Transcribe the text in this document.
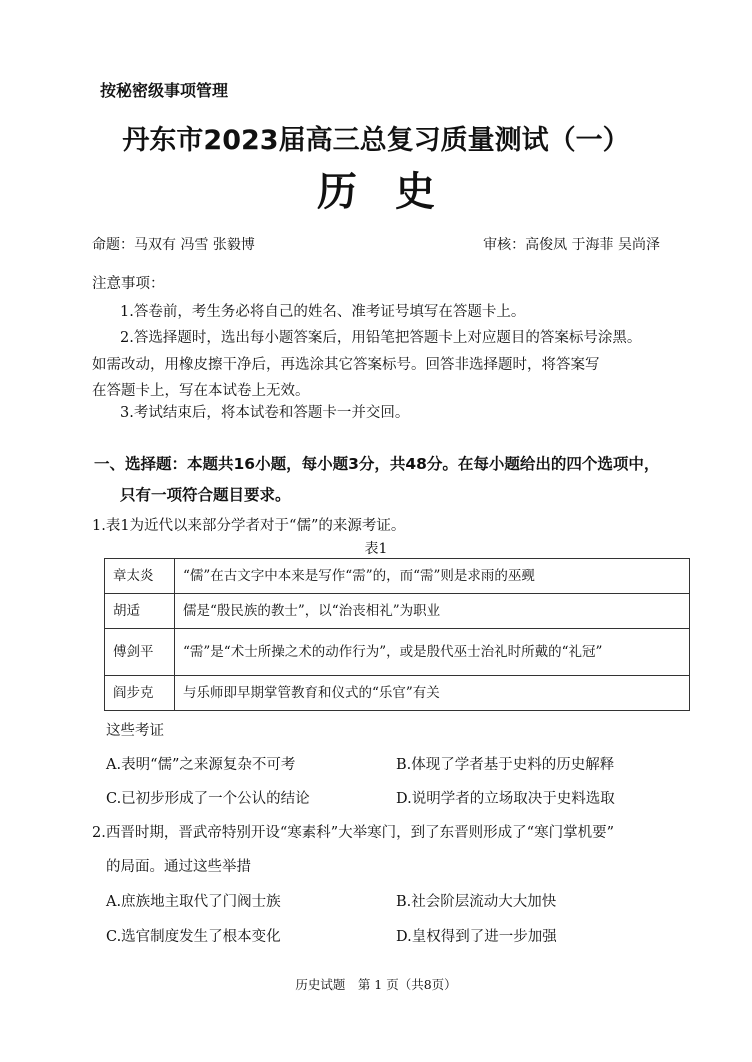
按秘密级事项管理
丹东市2023届高三总复习质量测试（一）
历史
命题：马双有 冯雪 张毅博	审核：高俊凤 于海菲 吴尚泽
注意事项：
1.答卷前，考生务必将自己的姓名、准考证号填写在答题卡上。
2.答选择题时，选出每小题答案后，用铅笔把答题卡上对应题目的答案标号涂黑。
如需改动，用橡皮擦干净后，再选涂其它答案标号。回答非选择题时，将答案写
在答题卡上，写在本试卷上无效。
3.考试结束后，将本试卷和答题卡一并交回。
一、选择题：本题共16小题，每小题3分，共48分。在每小题给出的四个选项中，
只有一项符合题目要求。
1.表1为近代以来部分学者对于“儒”的来源考证。
表1
章太炎	“儒”在古文字中本来是写作“需”的，而“需”则是求雨的巫觋
胡适	儒是“殷民族的教士”，以“治丧相礼”为职业
傅剑平	“需”是“术士所操之术的动作行为”，或是殷代巫士治礼时所戴的“礼冠”
阎步克	与乐师即早期掌管教育和仪式的“乐官”有关
这些考证
A.表明“儒”之来源复杂不可考	B.体现了学者基于史料的历史解释
C.已初步形成了一个公认的结论	D.说明学者的立场取决于史料选取
2.西晋时期，晋武帝特别开设“寒素科”大举寒门，到了东晋则形成了“寒门掌机要”
的局面。通过这些举措
A.庶族地主取代了门阀士族	B.社会阶层流动大大加快
C.选官制度发生了根本变化	D.皇权得到了进一步加强
历史试题　第 1 页（共8页）
